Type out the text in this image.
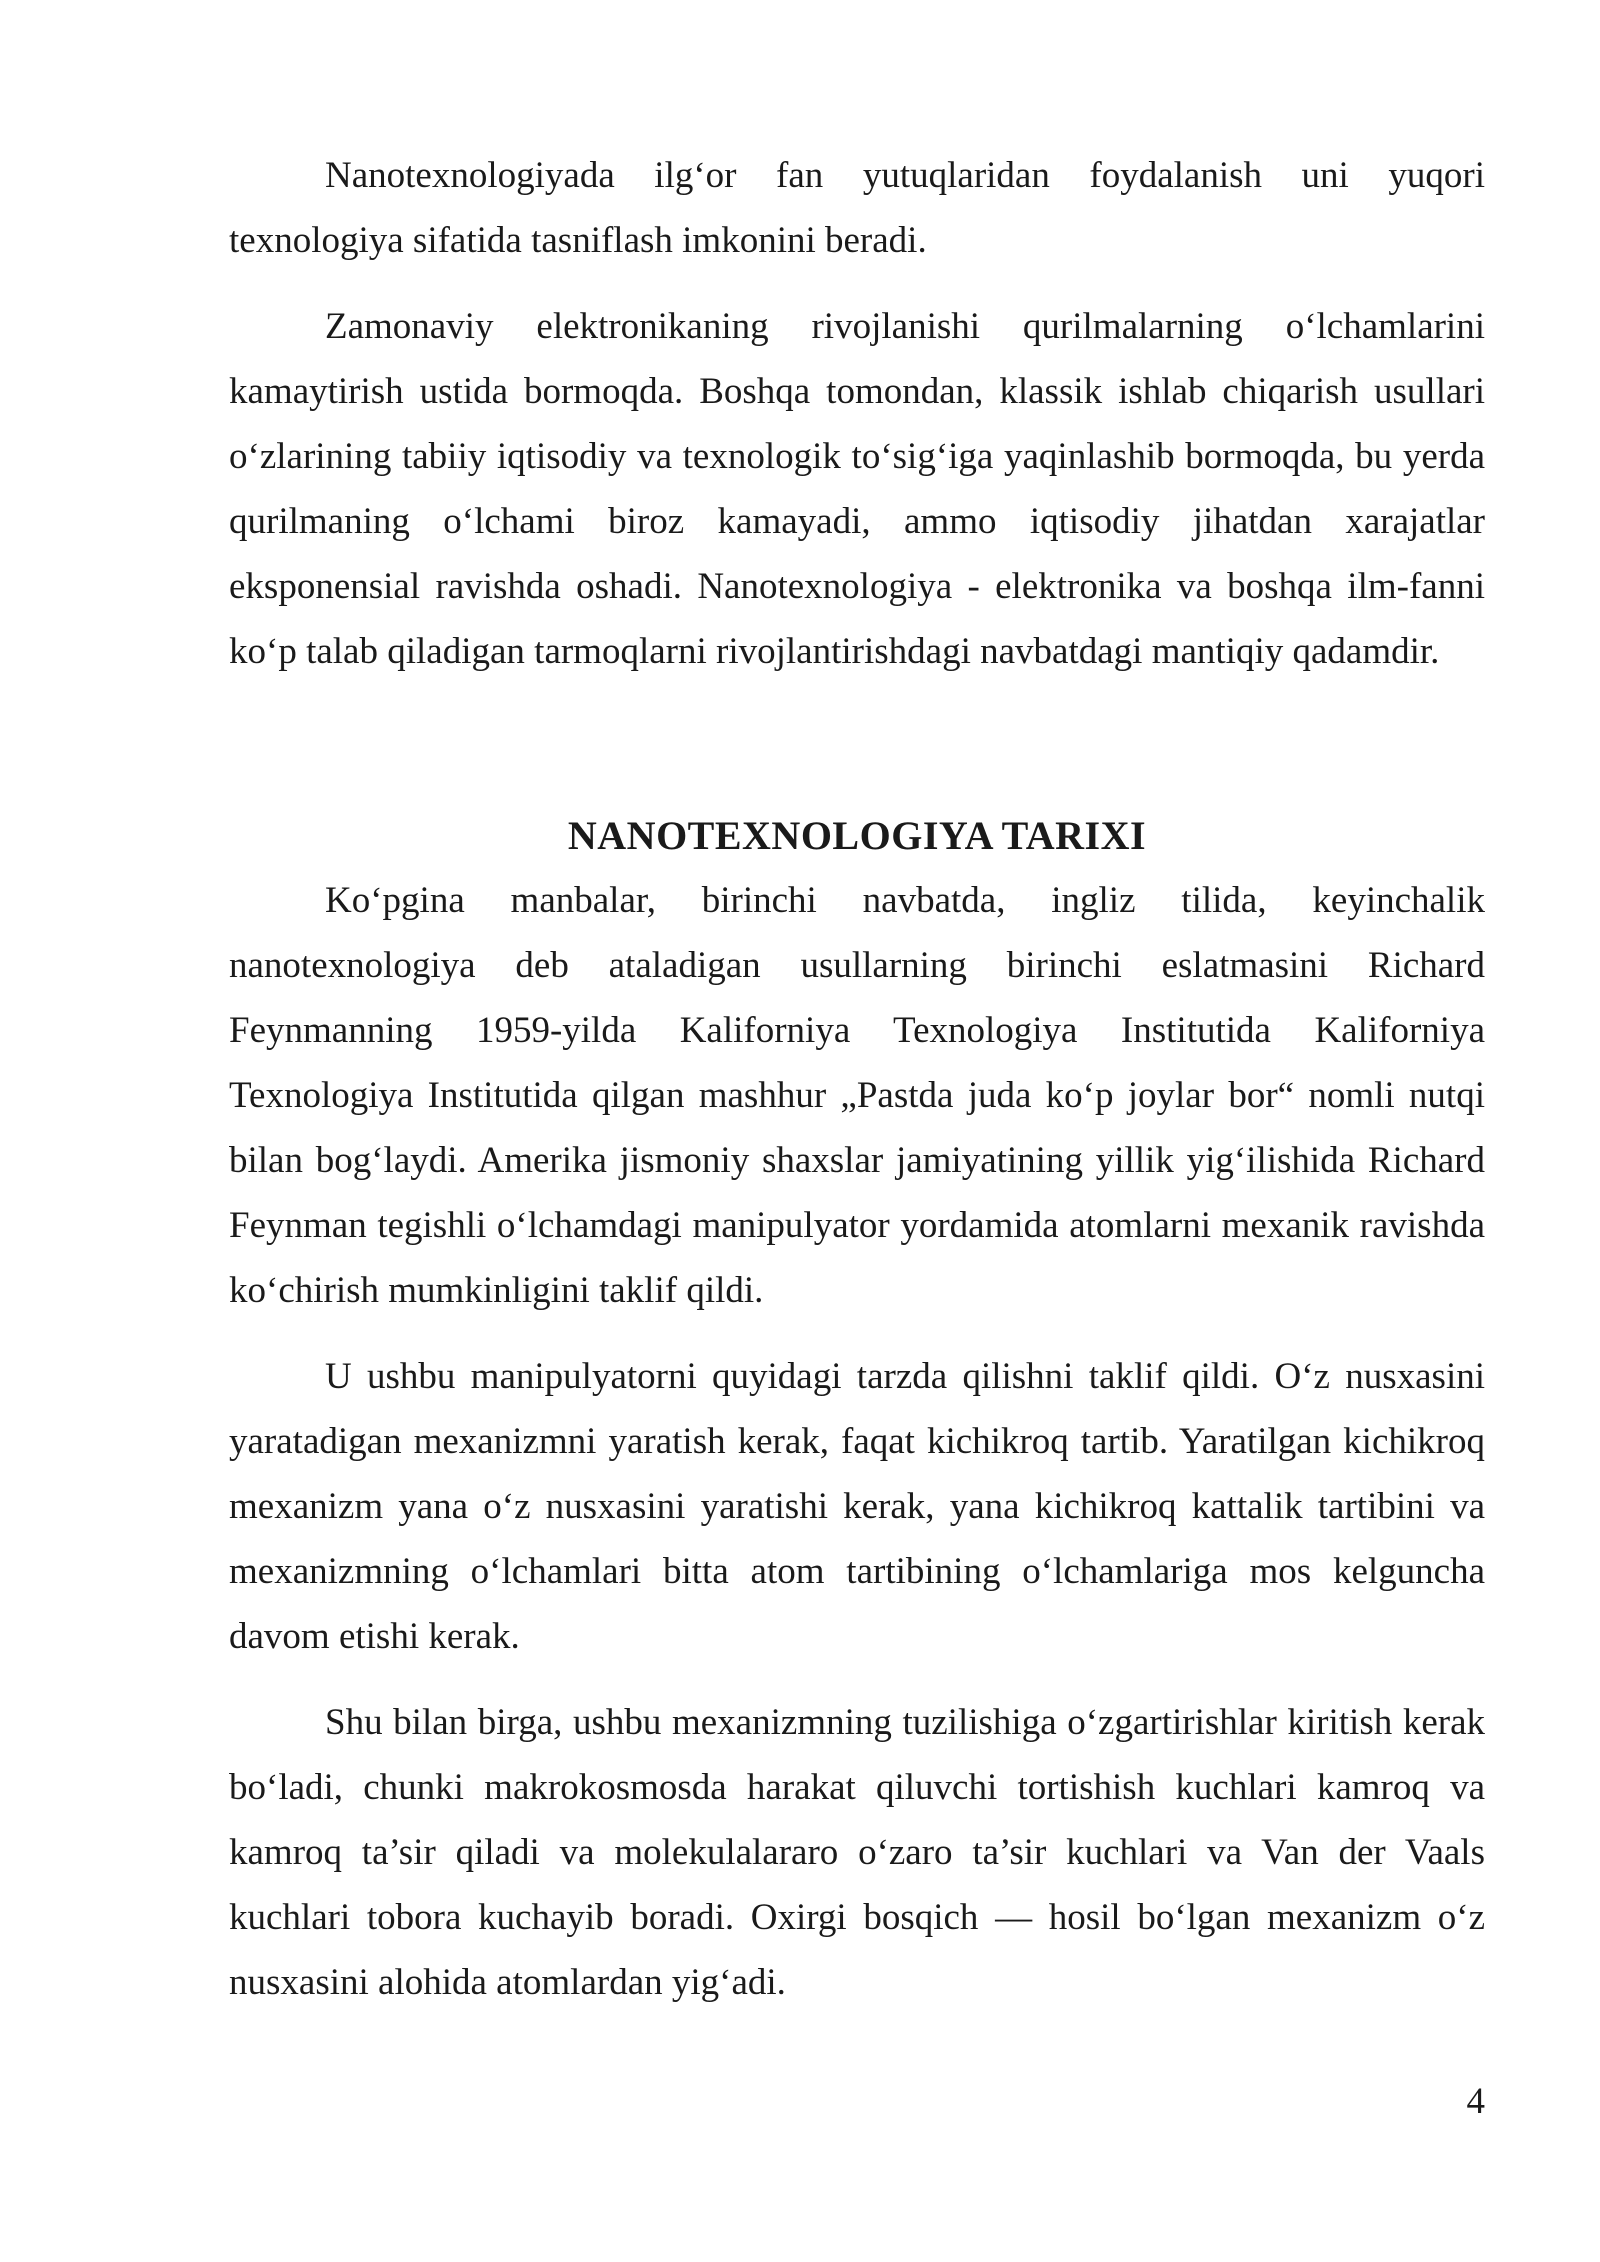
Nanotexnologiyada ilg‘or fan yutuqlaridan foydalanish uni yuqori texnologiya sifatida tasniflash imkonini beradi.

Zamonaviy elektronikaning rivojlanishi qurilmalarning o‘lchamlarini kamaytirish ustida bormoqda. Boshqa tomondan, klassik ishlab chiqarish usullari o‘zlarining tabiiy iqtisodiy va texnologik to‘sig‘iga yaqinlashib bormoqda, bu yerda qurilmaning o‘lchami biroz kamayadi, ammo iqtisodiy jihatdan xarajatlar eksponensial ravishda oshadi. Nanotexnologiya - elektronika va boshqa ilm-fanni ko‘p talab qiladigan tarmoqlarni rivojlantirishdagi navbatdagi mantiqiy qadamdir.

NANOTEXNOLOGIYA TARIXI

Ko‘pgina manbalar, birinchi navbatda, ingliz tilida, keyinchalik nanotexnologiya deb ataladigan usullarning birinchi eslatmasini Richard Feynmanning 1959-yilda Kaliforniya Texnologiya Institutida Kaliforniya Texnologiya Institutida qilgan mashhur „Pastda juda ko‘p joylar bor“ nomli nutqi bilan bog‘laydi. Amerika jismoniy shaxslar jamiyatining yillik yig‘ilishida Richard Feynman tegishli o‘lchamdagi manipulyator yordamida atomlarni mexanik ravishda ko‘chirish mumkinligini taklif qildi.

U ushbu manipulyatorni quyidagi tarzda qilishni taklif qildi. O‘z nusxasini yaratadigan mexanizmni yaratish kerak, faqat kichikroq tartib. Yaratilgan kichikroq mexanizm yana o‘z nusxasini yaratishi kerak, yana kichikroq kattalik tartibini va mexanizmning o‘lchamlari bitta atom tartibining o‘lchamlariga mos kelguncha davom etishi kerak.

Shu bilan birga, ushbu mexanizmning tuzilishiga o‘zgartirishlar kiritish kerak bo‘ladi, chunki makrokosmosda harakat qiluvchi tortishish kuchlari kamroq va kamroq ta’sir qiladi va molekulalararo o‘zaro ta’sir kuchlari va Van der Vaals kuchlari tobora kuchayib boradi. Oxirgi bosqich — hosil bo‘lgan mexanizm o‘z nusxasini alohida atomlardan yig‘adi.

4
